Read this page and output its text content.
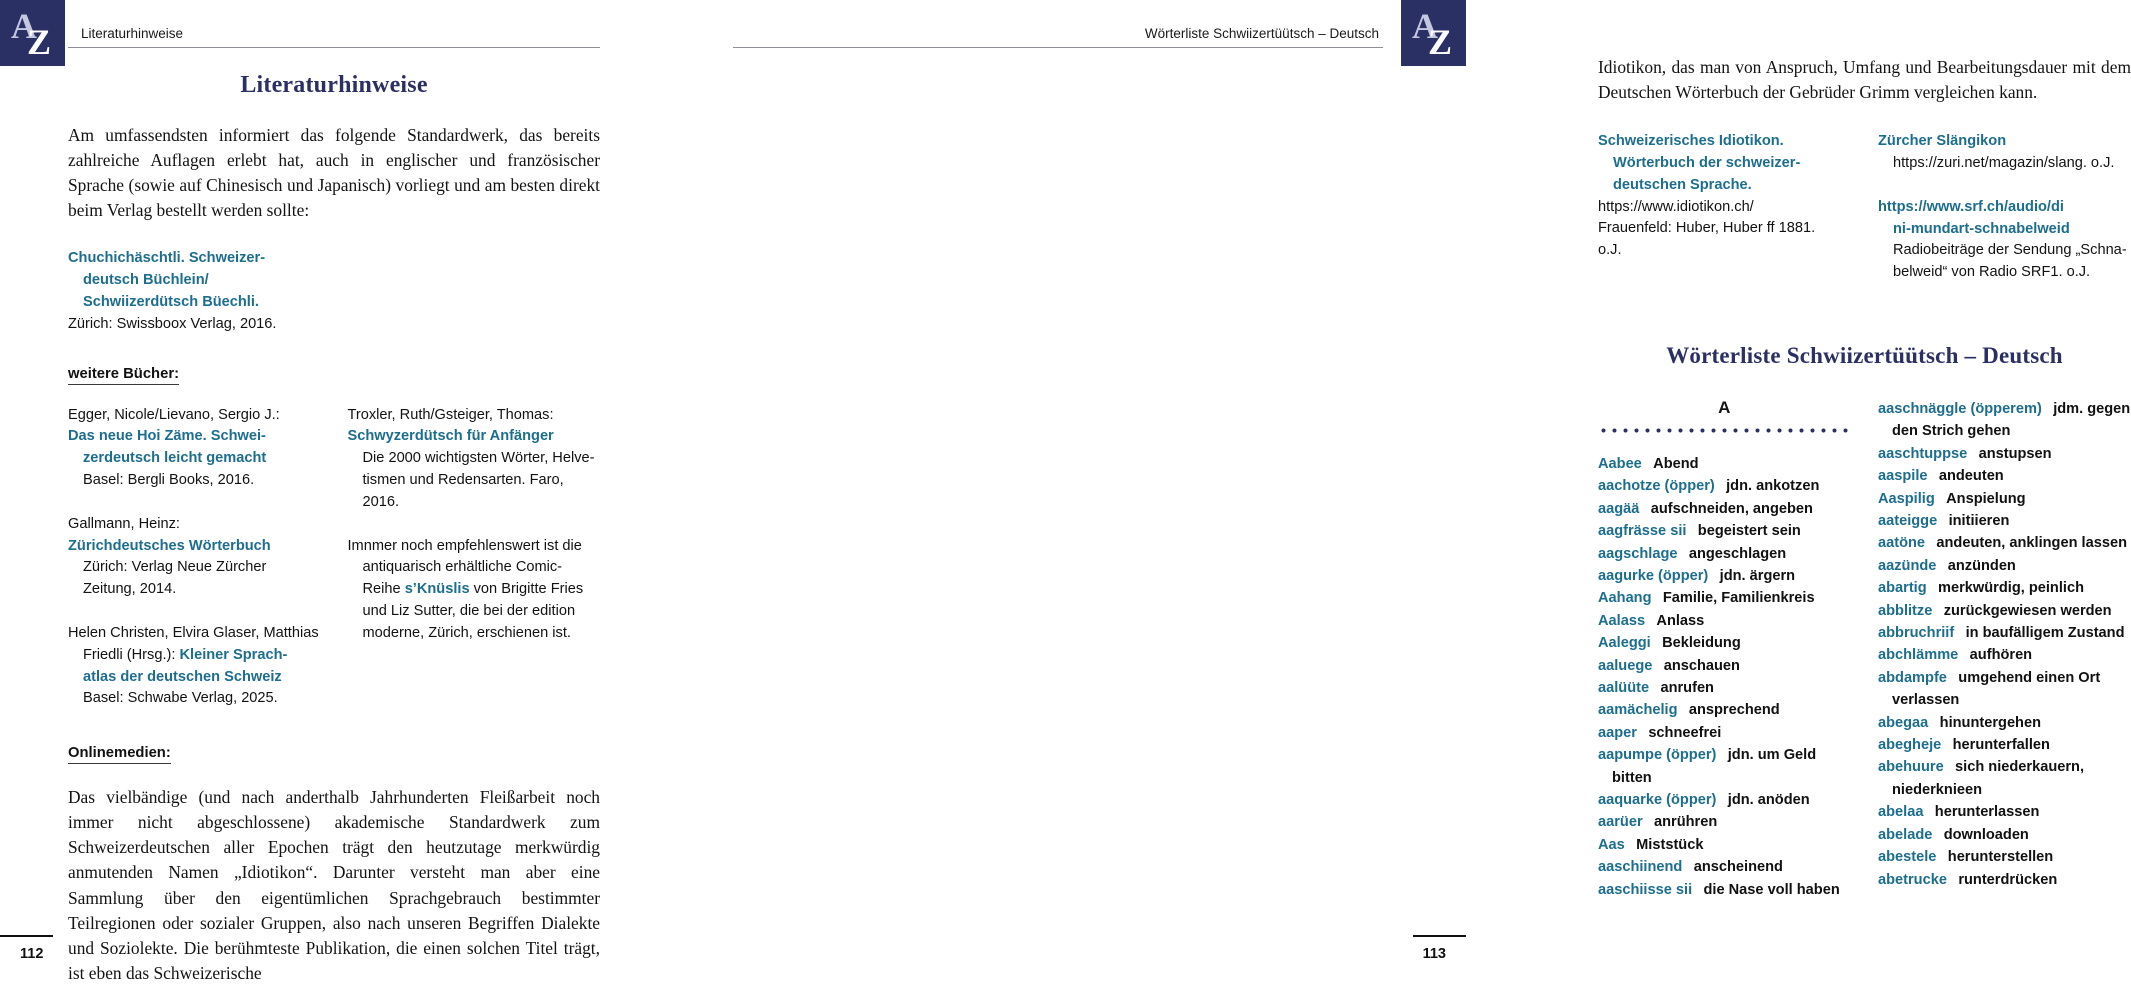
A
Z Literaturhinweise
Literaturhinweise

Am umfassendsten informiert das folgende Standardwerk, das bereits zahlreiche Auflagen erlebt hat, auch in englischer und französischer Sprache (sowie auf Chinesisch und Japanisch) vorliegt und am besten direkt beim Verlag bestellt werden sollte:

Chuchichäschtli. Schweizer-
deutsch Büchlein/
Schwiizerdütsch Büechli.
Zürich: Swissboox Verlag, 2016.
weitere Bücher:
Egger, Nicole/Lievano, Sergio J.:
Das neue Hoi Zäme. Schwei-
zerdeutsch leicht gemacht
Basel: Bergli Books, 2016.
Gallmann, Heinz:
Zürichdeutsches Wörterbuch
Zürich: Verlag Neue Zürcher Zeitung, 2014.
Helen Christen, Elvira Glaser, Matthias Friedli (Hrsg.): Kleiner Sprach-
atlas der deutschen Schweiz
Basel: Schwabe Verlag, 2025.
Troxler, Ruth/Gsteiger, Thomas:
Schwyzerdütsch für Anfänger
Die 2000 wichtigsten Wörter, Helvetismen und Redensarten. Faro, 2016.
Imnmer noch empfehlenswert ist die antiquarisch erhältliche Comic-Reihe s’Knüslis von Brigitte Fries und Liz Sutter, die bei der edition moderne, Zürich, erschienen ist.
Onlinemedien:

Das vielbändige (und nach anderthalb Jahrhunderten Fleißarbeit noch immer nicht abgeschlossene) akademische Standardwerk zum Schweizerdeutschen aller Epochen trägt den heutzutage merkwürdig anmutenden Namen „Idiotikon“. Darunter versteht man aber eine Sammlung über den eigentümlichen Sprachgebrauch bestimmter Teilregionen oder sozialer Gruppen, also nach unseren Begriffen Dialekte und Soziolekte. Die berühmteste Publikation, die einen solchen Titel trägt, ist eben das Schweizerische

112
A
Z
Wörterliste Schwiizertüütsch – Deutsch

Idiotikon, das man von Anspruch, Umfang und Bearbeitungsdauer mit dem Deutschen Wörterbuch der Gebrüder Grimm vergleichen kann.

Schweizerisches Idiotikon.
Wörterbuch der schweizer-
deutschen Sprache.
https://www.idiotikon.ch/
Frauenfeld: Huber, Huber ff 1881.
o.J.
Zürcher Slängikon
https://zuri.net/magazin/slang. o.J.
https://www.srf.ch/audio/di
ni-mundart-schnabelweid
Radiobeiträge der Sendung „Schnabelweid“ von Radio SRF1. o.J.
Wörterliste Schwiizertüütsch – Deutsch
A
Aabee  Abend
aachotze (öpper)  jdn. ankotzen
aagää  aufschneiden, angeben
aagfrässe sii  begeistert sein
aagschlage  angeschlagen
aagurke (öpper)  jdn. ärgern
Aahang  Familie, Familienkreis
Aalass  Anlass
Aaleggi  Bekleidung
aaluege  anschauen
aalüüte  anrufen
aamächelig  ansprechend
aaper  schneefrei
aapumpe (öpper)  jdn. um Geld bitten
aaquarke (öpper)  jdn. anöden
aarüer  anrühren
Aas  Miststück
aaschiinend  anscheinend
aaschiisse sii  die Nase voll haben
aaschnäggle (öpperem)  jdm. gegen den Strich gehen
aaschtuppse  anstupsen
aaspile  andeuten
Aaspilig  Anspielung
aateigge  initiieren
aatöne  andeuten, anklingen lassen
aazünde  anzünden
abartig  merkwürdig, peinlich
abblitze  zurückgewiesen werden
abbruchriif  in baufälligem Zustand
abchlämme  aufhören
abdampfe  umgehend einen Ort verlassen
abegaa  hinuntergehen
abegheje  herunterfallen
abehuure  sich niederkauern, niederknieen
abelaa  herunterlassen
abelade  downloaden
abestele  herunterstellen
abetrucke  runterdrücken
113
